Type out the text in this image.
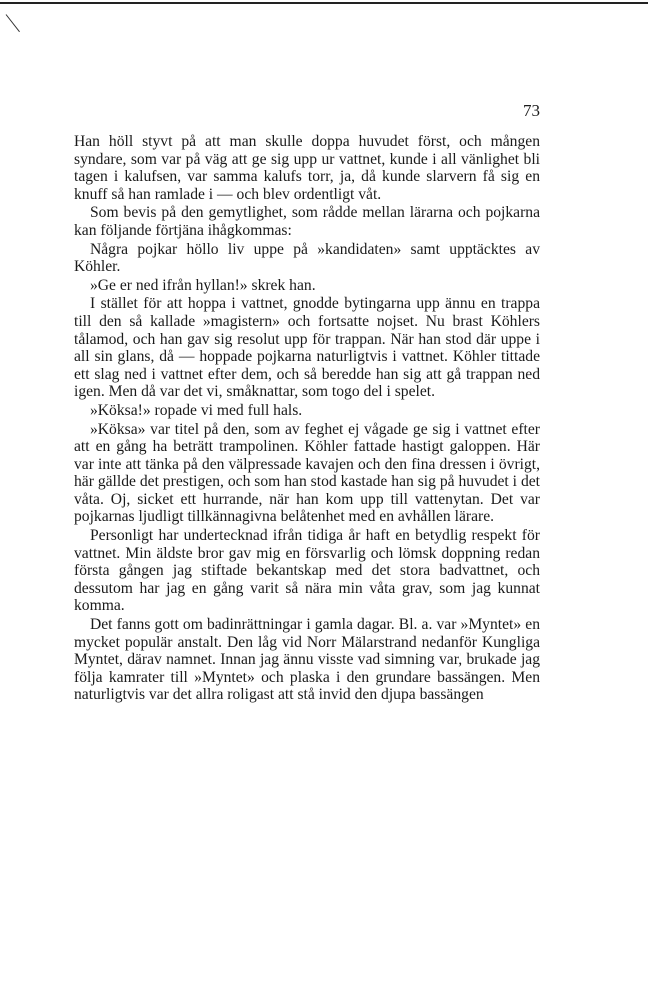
73

Han höll styvt på att man skulle doppa huvudet först, och mången syndare, som var på väg att ge sig upp ur vattnet, kunde i all vänlighet bli tagen i kalufsen, var samma kalufs torr, ja, då kunde slarvern få sig en knuff så han ramlade i — och blev ordentligt våt.

Som bevis på den gemytlighet, som rådde mellan lärarna och pojkarna kan följande förtjäna ihågkommas:

Några pojkar höllo liv uppe på »kandidaten» samt upptäcktes av Köhler.

»Ge er ned ifrån hyllan!» skrek han.

I stället för att hoppa i vattnet, gnodde bytingarna upp ännu en trappa till den så kallade »magistern» och fortsatte nojset. Nu brast Köhlers tålamod, och han gav sig resolut upp för trappan. När han stod där uppe i all sin glans, då — hoppade pojkarna naturligtvis i vattnet. Köhler tittade ett slag ned i vattnet efter dem, och så beredde han sig att gå trappan ned igen. Men då var det vi, småknattar, som togo del i spelet.

»Köksa!» ropade vi med full hals.

»Köksa» var titel på den, som av feghet ej vågade ge sig i vattnet efter att en gång ha beträtt trampolinen. Köhler fattade hastigt galoppen. Här var inte att tänka på den välpressade kavajen och den fina dressen i övrigt, här gällde det prestigen, och som han stod kastade han sig på huvudet i det våta. Oj, sicket ett hurrande, när han kom upp till vattenytan. Det var pojkarnas ljudligt tillkännagivna belåtenhet med en avhållen lärare.

Personligt har undertecknad ifrån tidiga år haft en betydlig respekt för vattnet. Min äldste bror gav mig en försvarlig och lömsk doppning redan första gången jag stiftade bekantskap med det stora badvattnet, och dessutom har jag en gång varit så nära min våta grav, som jag kunnat komma.

Det fanns gott om badinrättningar i gamla dagar. Bl. a. var »Myntet» en mycket populär anstalt. Den låg vid Norr Mälarstrand nedanför Kungliga Myntet, därav namnet. Innan jag ännu visste vad simning var, brukade jag följa kamrater till »Myntet» och plaska i den grundare bassängen. Men naturligtvis var det allra roligast att stå invid den djupa bassängen
